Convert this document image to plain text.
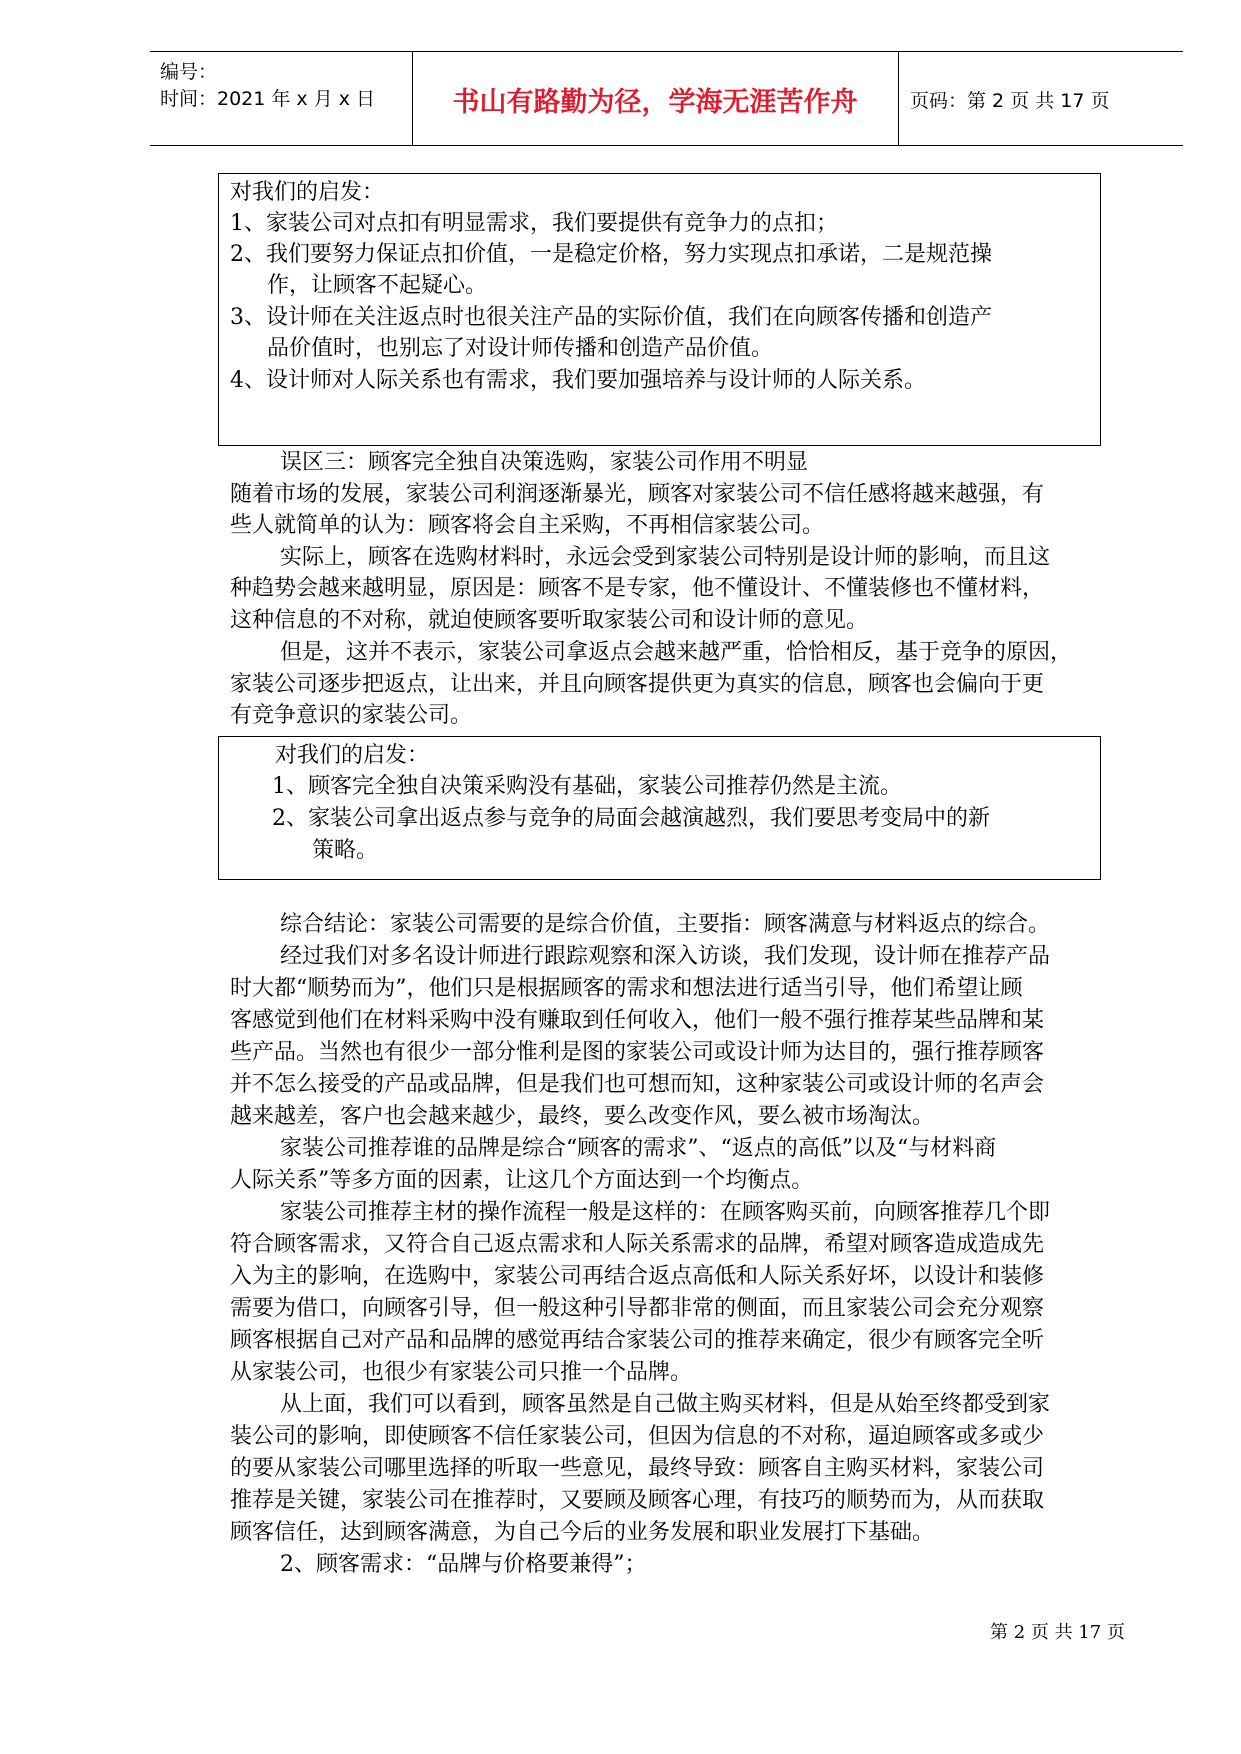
编号：
时间：2021 年 x 月 x 日	书山有路勤为径，学海无涯苦作舟	页码：第 2 页 共 17 页
对我们的启发：
1、家装公司对点扣有明显需求，我们要提供有竞争力的点扣；
2、我们要努力保证点扣价值，一是稳定价格，努力实现点扣承诺，二是规范操
作，让顾客不起疑心。
3、设计师在关注返点时也很关注产品的实际价值，我们在向顾客传播和创造产
品价值时，也别忘了对设计师传播和创造产品价值。
4、设计师对人际关系也有需求，我们要加强培养与设计师的人际关系。
误区三：顾客完全独自决策选购，家装公司作用不明显
随着市场的发展，家装公司利润逐渐暴光，顾客对家装公司不信任感将越来越强，有
些人就简单的认为：顾客将会自主采购，不再相信家装公司。
实际上，顾客在选购材料时，永远会受到家装公司特别是设计师的影响，而且这
种趋势会越来越明显，原因是：顾客不是专家，他不懂设计、不懂装修也不懂材料，
这种信息的不对称，就迫使顾客要听取家装公司和设计师的意见。
但是，这并不表示，家装公司拿返点会越来越严重，恰恰相反，基于竞争的原因，
家装公司逐步把返点，让出来，并且向顾客提供更为真实的信息，顾客也会偏向于更
有竞争意识的家装公司。
对我们的启发：
1、顾客完全独自决策采购没有基础，家装公司推荐仍然是主流。
2、家装公司拿出返点参与竞争的局面会越演越烈，我们要思考变局中的新
策略。
综合结论：家装公司需要的是综合价值，主要指：顾客满意与材料返点的综合。
经过我们对多名设计师进行跟踪观察和深入访谈，我们发现，设计师在推荐产品
时大都“顺势而为”，他们只是根据顾客的需求和想法进行适当引导，他们希望让顾
客感觉到他们在材料采购中没有赚取到任何收入，他们一般不强行推荐某些品牌和某
些产品。当然也有很少一部分惟利是图的家装公司或设计师为达目的，强行推荐顾客
并不怎么接受的产品或品牌，但是我们也可想而知，这种家装公司或设计师的名声会
越来越差，客户也会越来越少，最终，要么改变作风，要么被市场淘汰。
家装公司推荐谁的品牌是综合“顾客的需求”、“返点的高低”以及“与材料商
人际关系”等多方面的因素，让这几个方面达到一个均衡点。
家装公司推荐主材的操作流程一般是这样的：在顾客购买前，向顾客推荐几个即
符合顾客需求，又符合自己返点需求和人际关系需求的品牌，希望对顾客造成造成先
入为主的影响，在选购中，家装公司再结合返点高低和人际关系好坏，以设计和装修
需要为借口，向顾客引导，但一般这种引导都非常的侧面，而且家装公司会充分观察
顾客根据自己对产品和品牌的感觉再结合家装公司的推荐来确定，很少有顾客完全听
从家装公司，也很少有家装公司只推一个品牌。
从上面，我们可以看到，顾客虽然是自己做主购买材料，但是从始至终都受到家
装公司的影响，即使顾客不信任家装公司，但因为信息的不对称，逼迫顾客或多或少
的要从家装公司哪里选择的听取一些意见，最终导致：顾客自主购买材料，家装公司
推荐是关键，家装公司在推荐时，又要顾及顾客心理，有技巧的顺势而为，从而获取
顾客信任，达到顾客满意，为自己今后的业务发展和职业发展打下基础。
2、顾客需求：“品牌与价格要兼得”；
第 2 页 共 17 页
